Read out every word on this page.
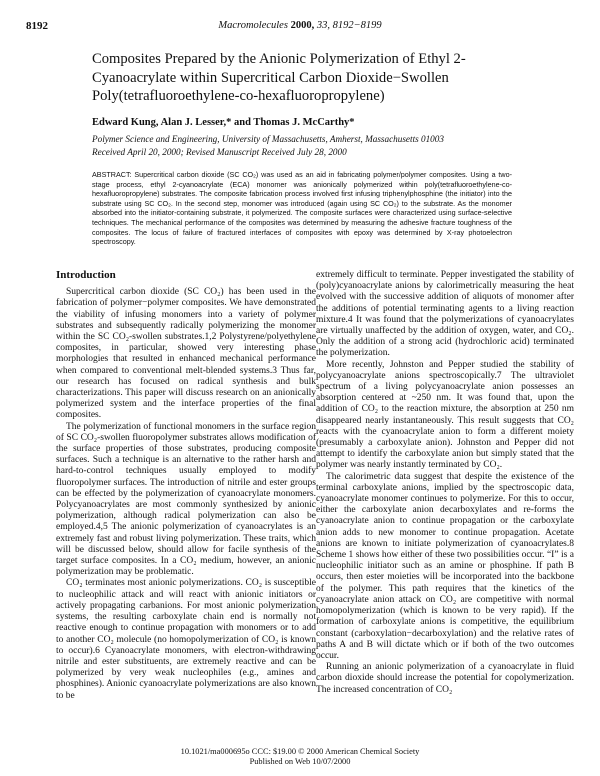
8192	Macromolecules 2000, 33, 8192−8199
Composites Prepared by the Anionic Polymerization of Ethyl 2-Cyanoacrylate within Supercritical Carbon Dioxide−Swollen Poly(tetrafluoroethylene-co-hexafluoropropylene)
Edward Kung, Alan J. Lesser,* and Thomas J. McCarthy*
Polymer Science and Engineering, University of Massachusetts, Amherst, Massachusetts 01003
Received April 20, 2000; Revised Manuscript Received July 28, 2000
ABSTRACT: Supercritical carbon dioxide (SC CO₂) was used as an aid in fabricating polymer/polymer composites. Using a two-stage process, ethyl 2-cyanoacrylate (ECA) monomer was anionically polymerized within poly(tetrafluoroethylene-co-hexafluoropropylene) substrates. The composite fabrication process involved first infusing triphenylphosphine (the initiator) into the substrate using SC CO₂. In the second step, monomer was introduced (again using SC CO₂) to the substrate. As the monomer absorbed into the initiator-containing substrate, it polymerized. The composite surfaces were characterized using surface-selective techniques. The mechanical performance of the composites was determined by measuring the adhesive fracture toughness of the composites. The locus of failure of fractured interfaces of composites with epoxy was determined by X-ray photoelectron spectroscopy.
Introduction

Supercritical carbon dioxide (SC CO₂) has been used in the fabrication of polymer−polymer composites. We have demonstrated the viability of infusing monomers into a variety of polymer substrates and subsequently radically polymerizing the monomer within the SC CO₂-swollen substrates.1,2 Polystyrene/polyethylene composites, in particular, showed very interesting phase morphologies that resulted in enhanced mechanical performance when compared to conventional melt-blended systems.3 Thus far, our research has focused on radical synthesis and bulk characterizations. This paper will discuss research on an anionically polymerized system and the interface properties of the final composites.

The polymerization of functional monomers in the surface region of SC CO₂-swollen fluoropolymer substrates allows modification of the surface properties of those substrates, producing composite surfaces. Such a technique is an alternative to the rather harsh and hard-to-control techniques usually employed to modify fluoropolymer surfaces. The introduction of nitrile and ester groups can be effected by the polymerization of cyanoacrylate monomers. Polycyanoacrylates are most commonly synthesized by anionic polymerization, although radical polymerization can also be employed.4,5 The anionic polymerization of cyanoacrylates is an extremely fast and robust living polymerization. These traits, which will be discussed below, should allow for facile synthesis of the target surface composites. In a CO₂ medium, however, an anionic polymerization may be problematic.

CO₂ terminates most anionic polymerizations. CO₂ is susceptible to nucleophilic attack and will react with anionic initiators or actively propagating carbanions. For most anionic polymerization systems, the resulting carboxylate chain end is normally not reactive enough to continue propagation with monomers or to add to another CO₂ molecule (no homopolymerization of CO₂ is known to occur).6 Cyanoacrylate monomers, with electron-withdrawing nitrile and ester substituents, are extremely reactive and can be polymerized by very weak nucleophiles (e.g., amines and phosphines). Anionic cyanoacrylate polymerizations are also known to be

extremely difficult to terminate. Pepper investigated the stability of (poly)cyanoacrylate anions by calorimetrically measuring the heat evolved with the successive addition of aliquots of monomer after the additions of potential terminating agents to a living reaction mixture.4 It was found that the polymerizations of cyanoacrylates are virtually unaffected by the addition of oxygen, water, and CO₂. Only the addition of a strong acid (hydrochloric acid) terminated the polymerization.

More recently, Johnston and Pepper studied the stability of polycyanoacrylate anions spectroscopically.7 The ultraviolet spectrum of a living polycyanoacrylate anion possesses an absorption centered at ~250 nm. It was found that, upon the addition of CO₂ to the reaction mixture, the absorption at 250 nm disappeared nearly instantaneously. This result suggests that CO₂ reacts with the cyanoacrylate anion to form a different moiety (presumably a carboxylate anion). Johnston and Pepper did not attempt to identify the carboxylate anion but simply stated that the polymer was nearly instantly terminated by CO₂.

The calorimetric data suggest that despite the existence of the terminal carboxylate anions, implied by the spectroscopic data, cyanoacrylate monomer continues to polymerize. For this to occur, either the carboxylate anion decarboxylates and re-forms the cyanoacrylate anion to continue propagation or the carboxylate anion adds to new monomer to continue propagation. Acetate anions are known to initiate polymerization of cyanoacrylates.8 Scheme 1 shows how either of these two possibilities occur. “I” is a nucleophilic initiator such as an amine or phosphine. If path B occurs, then ester moieties will be incorporated into the backbone of the polymer. This path requires that the kinetics of the cyanoacrylate anion attack on CO₂ are competitive with normal homopolymerization (which is known to be very rapid). If the formation of carboxylate anions is competitive, the equilibrium constant (carboxylation−decarboxylation) and the relative rates of paths A and B will dictate which or if both of the two outcomes occur.

Running an anionic polymerization of a cyanoacrylate in fluid carbon dioxide should increase the potential for copolymerization. The increased concentration of CO₂

10.1021/ma000695o CCC: $19.00 © 2000 American Chemical Society
Published on Web 10/07/2000
